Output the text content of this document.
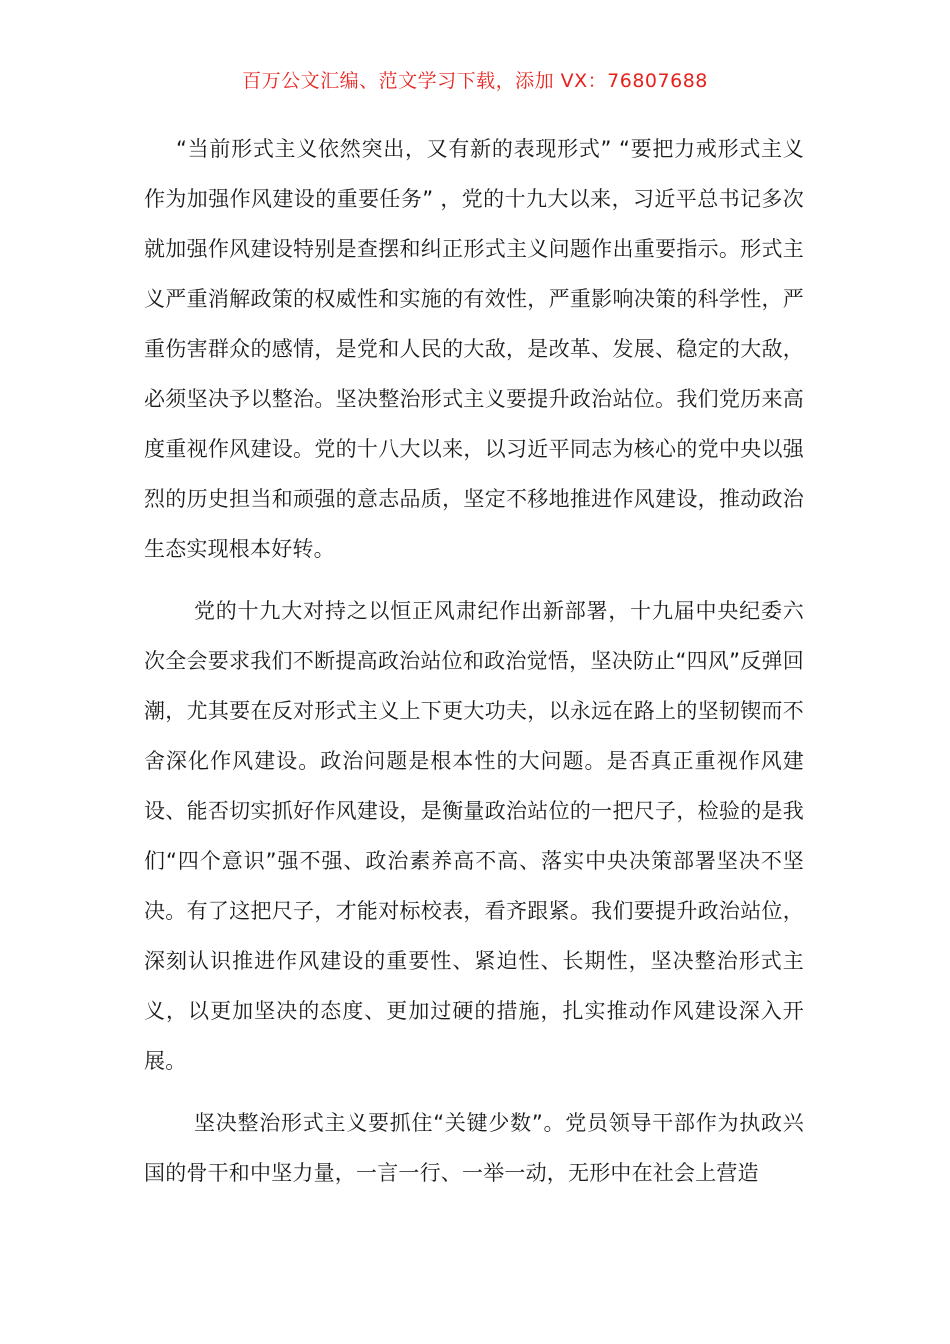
百万公文汇编、范文学习下载，添加 VX：76807688

“当前形式主义依然突出，又有新的表现形式” “要把力戒形式主义作为加强作风建设的重要任务” ，党的十九大以来，习近平总书记多次就加强作风建设特别是查摆和纠正形式主义问题作出重要指示。形式主义严重消解政策的权威性和实施的有效性，严重影响决策的科学性，严重伤害群众的感情，是党和人民的大敌，是改革、发展、稳定的大敌，必须坚决予以整治。坚决整治形式主义要提升政治站位。我们党历来高度重视作风建设。党的十八大以来，以习近平同志为核心的党中央以强烈的历史担当和顽强的意志品质，坚定不移地推进作风建设，推动政治生态实现根本好转。

党的十九大对持之以恒正风肃纪作出新部署，十九届中央纪委六次全会要求我们不断提高政治站位和政治觉悟，坚决防止“四风”反弹回潮，尤其要在反对形式主义上下更大功夫，以永远在路上的坚韧锲而不舍深化作风建设。政治问题是根本性的大问题。是否真正重视作风建设、能否切实抓好作风建设，是衡量政治站位的一把尺子，检验的是我们“四个意识”强不强、政治素养高不高、落实中央决策部署坚决不坚决。有了这把尺子，才能对标校表，看齐跟紧。我们要提升政治站位，深刻认识推进作风建设的重要性、紧迫性、长期性，坚决整治形式主义，以更加坚决的态度、更加过硬的措施，扎实推动作风建设深入开展。

坚决整治形式主义要抓住“关键少数”。党员领导干部作为执政兴国的骨干和中坚力量，一言一行、一举一动，无形中在社会上营造
